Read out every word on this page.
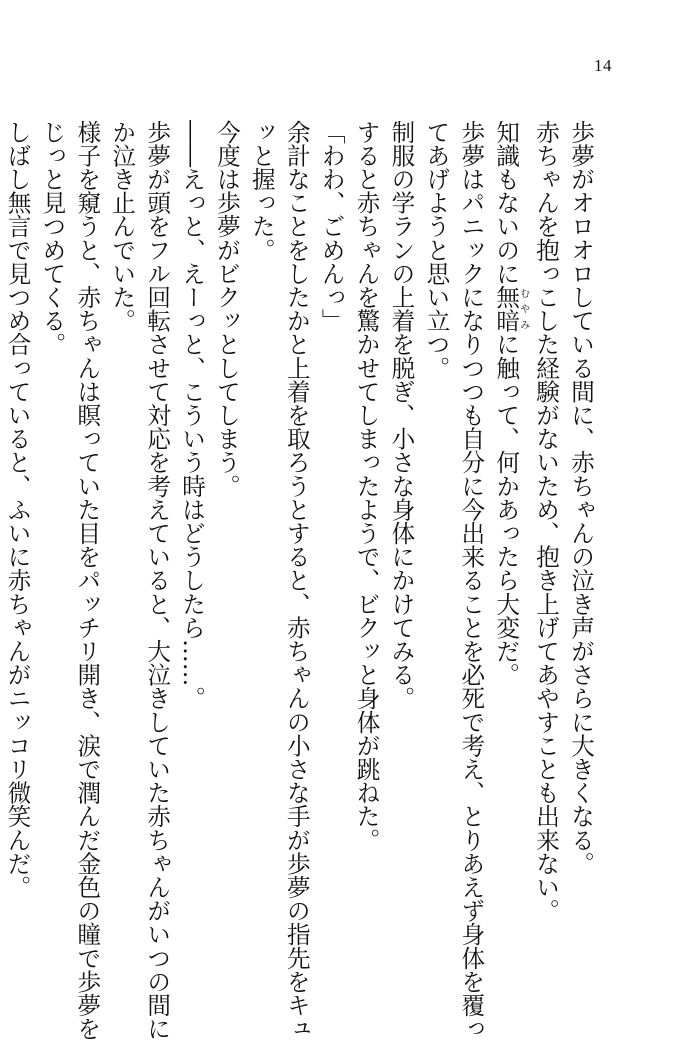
14
歩夢がオロオロしている間に、赤ちゃんの泣き声がさらに大きくなる。
赤ちゃんを抱っこした経験がないため、抱き上げてあやすことも出来ない。
知識もないのに無暗むやみに触って、何かあったら大変だ。
歩夢はパニックになりつつも自分に今出来ることを必死で考え、とりあえず身体を覆っ
てあげようと思い立つ。
制服の学ランの上着を脱ぎ、小さな身体にかけてみる。
すると赤ちゃんを驚かせてしまったようで、ビクッと身体が跳ねた。
「わわ、ごめんっ」
余計なことをしたかと上着を取ろうとすると、赤ちゃんの小さな手が歩夢の指先をキュ
ッと握った。
今度は歩夢がビクッとしてしまう。
――えっと、えーっと、こういう時はどうしたら……。
歩夢が頭をフル回転させて対応を考えていると、大泣きしていた赤ちゃんがいつの間に
か泣き止んでいた。
様子を窺うと、赤ちゃんは瞑っていた目をパッチリ開き、涙で潤んだ金色の瞳で歩夢を
じっと見つめてくる。
しばし無言で見つめ合っていると、ふいに赤ちゃんがニッコリ微笑んだ。
